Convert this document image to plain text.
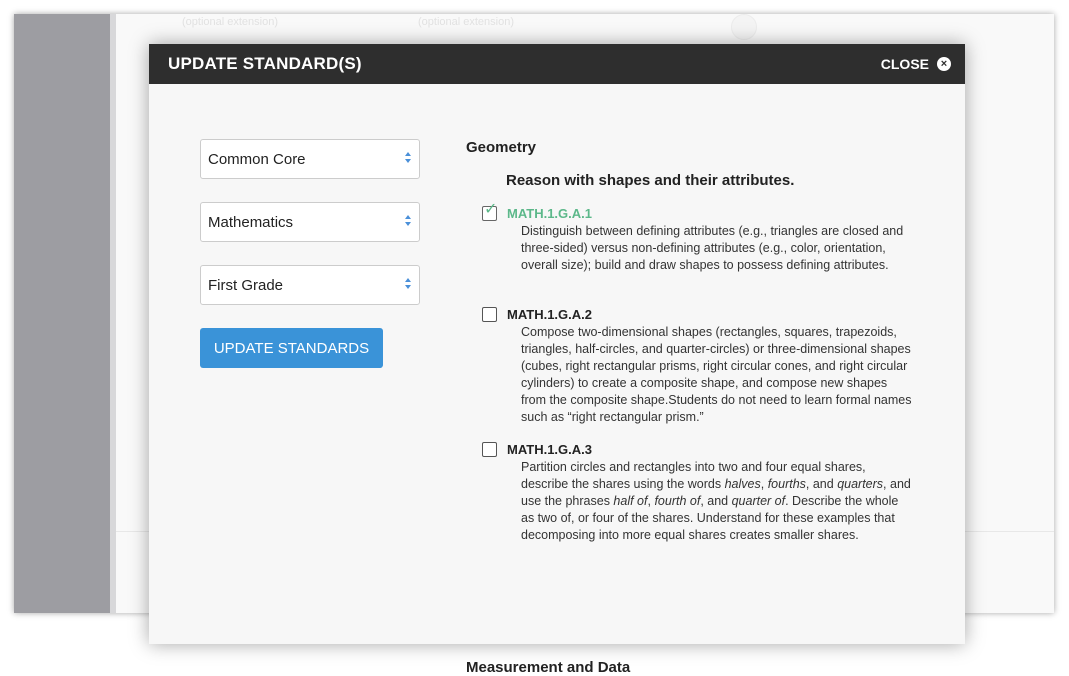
(optional extension)	(optional extension)
UPDATE STANDARD(S)	CLOSE	×
Common Core
Mathematics
First Grade
UPDATE STANDARDS
Geometry
Reason with shapes and their attributes.
✓ MATH.1.G.A.1
Distinguish between defining attributes (e.g., triangles are closed and three-sided) versus non-defining attributes (e.g., color, orientation, overall size); build and draw shapes to possess defining attributes.
MATH.1.G.A.2
Compose two-dimensional shapes (rectangles, squares, trapezoids, triangles, half-circles, and quarter-circles) or three-dimensional shapes (cubes, right rectangular prisms, right circular cones, and right circular cylinders) to create a composite shape, and compose new shapes from the composite shape.Students do not need to learn formal names such as “right rectangular prism.”
MATH.1.G.A.3
Partition circles and rectangles into two and four equal shares, describe the shares using the words halves, fourths, and quarters, and use the phrases half of, fourth of, and quarter of. Describe the whole as two of, or four of the shares. Understand for these examples that decomposing into more equal shares creates smaller shares.
Measurement and Data
